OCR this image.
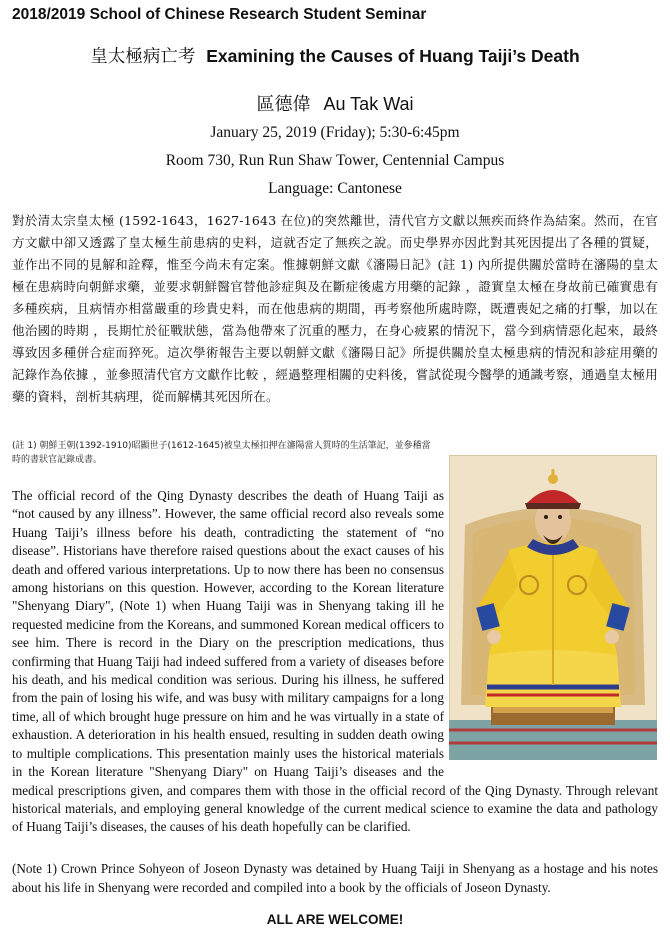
2018/2019 School of Chinese Research Student Seminar
皇太極病亡考 Examining the Causes of Huang Taiji’s Death
區德偉 Au Tak Wai
January 25, 2019 (Friday); 5:30-6:45pm
Room 730, Run Run Shaw Tower, Centennial Campus
Language: Cantonese
對於清太宗皇太極 (1592-1643，1627-1643 在位)的突然離世，清代官方文獻以無疾而終作為結案。然而，在官方文獻中卻又透露了皇太極生前患病的史料，這就否定了無疾之說。而史學界亦因此對其死因提出了各種的質疑，並作出不同的見解和詮釋，惟至今尚未有定案。惟據朝鮮文獻《瀋陽日記》(註 1) 內所提供關於當時在瀋陽的皇太極在患病時向朝鮮求藥，並要求朝鮮醫官替他診症與及在斷症後處方用藥的記錄 ，證實皇太極在身故前已確實患有多種疾病，且病情亦相當嚴重的珍貴史料，而在他患病的期間，再考察他所處時際，既遭喪妃之痛的打擊，加以在他治國的時期 ，長期忙於征戰狀態，當為他帶來了沉重的壓力，在身心疲累的情況下，當今到病情惡化起來，最終導致因多種併合症而猝死。這次學術報告主要以朝鮮文獻《瀋陽日記》所提供關於皇太極患病的情況和診症用藥的記錄作為依據 ，並參照清代官方文獻作比較 ，經過整理相關的史料後，嘗試從現今醫學的通識考察，通過皇太極用藥的資料，剖析其病理，從而解構其死因所在。
(註 1) 朝鮮王朝(1392-1910)昭顯世子(1612-1645)被皇太極扣押在瀋陽當人質時的生活筆記，並參稽當時的書狀官記錄成書。
The official record of the Qing Dynasty describes the death of Huang Taiji as “not caused by any illness”. However, the same official record also reveals some Huang Taiji’s illness before his death, contradicting the statement of “no disease”. Historians have therefore raised questions about the exact causes of his death and offered various interpretations. Up to now there has been no consensus among historians on this question. However, according to the Korean literature "Shenyang Diary", (Note 1) when Huang Taiji was in Shenyang taking ill he requested medicine from the Koreans, and summoned Korean medical officers to see him. There is record in the Diary on the prescription medications, thus confirming that Huang Taiji had indeed suffered from a variety of diseases before his death, and his medical condition was serious. During his illness, he suffered from the pain of losing his wife, and was busy with military campaigns for a long time, all of which brought huge pressure on him and he was virtually in a state of exhaustion. A deterioration in his health ensued, resulting in sudden death owing to multiple complications. This presentation mainly uses the historical materials in the Korean literature "Shenyang Diary" on Huang Taiji’s diseases and the medical prescriptions given, and compares them with those in the official record of the Qing Dynasty. Through relevant historical materials, and employing general knowledge of the current medical science to examine the data and pathology of Huang Taiji’s diseases, the causes of his death hopefully can be clarified.
(Note 1) Crown Prince Sohyeon of Joseon Dynasty was detained by Huang Taiji in Shenyang as a hostage and his notes about his life in Shenyang were recorded and compiled into a book by the officials of Joseon Dynasty.
ALL ARE WELCOME!
